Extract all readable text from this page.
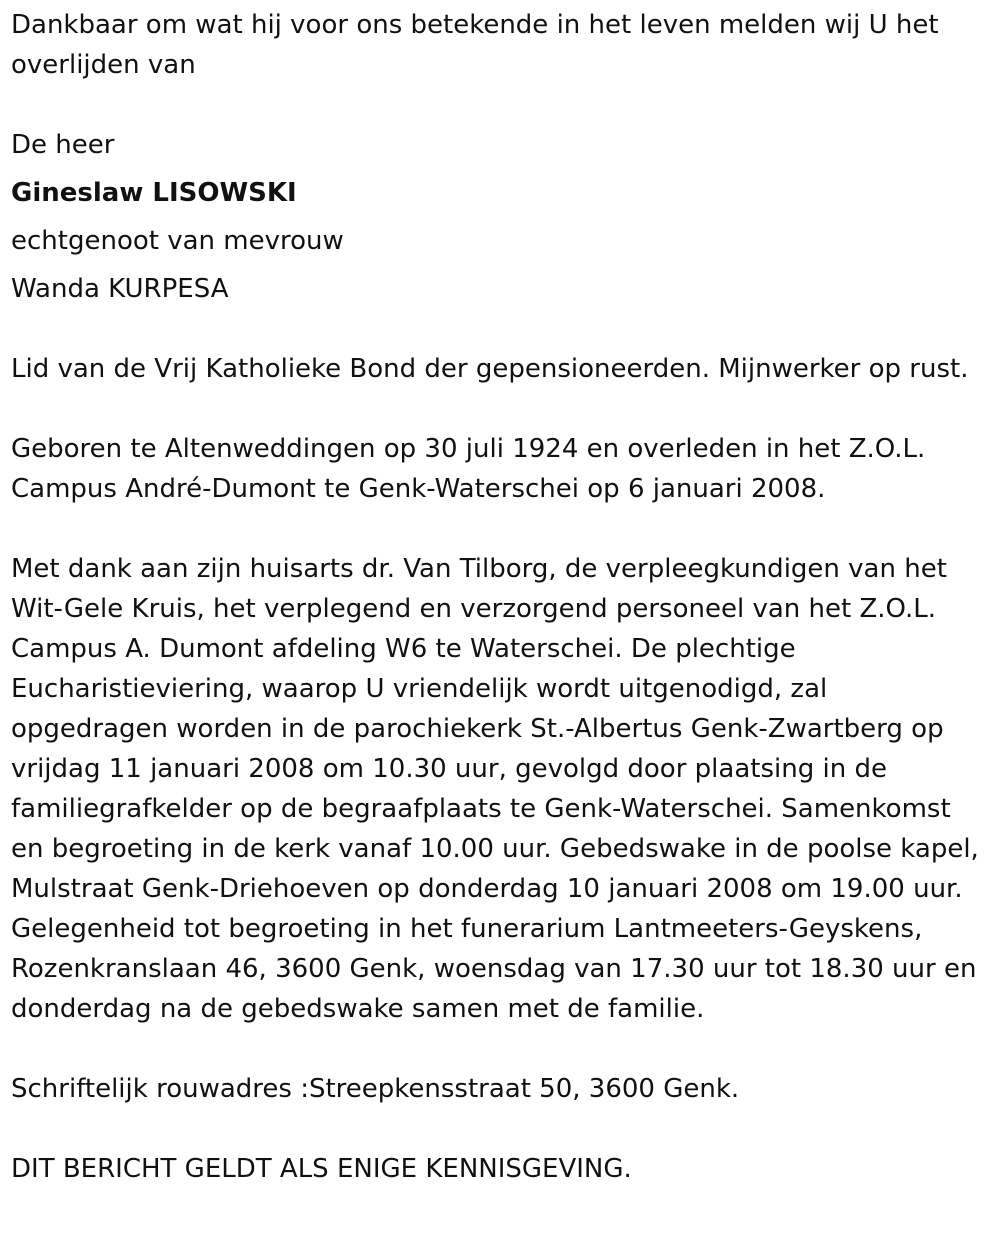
Dankbaar om wat hij voor ons betekende in het leven melden wij U het overlijden van

De heer

Gineslaw LISOWSKI

echtgenoot van mevrouw

Wanda KURPESA

Lid van de Vrij Katholieke Bond der gepensioneerden. Mijnwerker op rust.

Geboren te Altenweddingen op 30 juli 1924 en overleden in het Z.O.L. Campus André-Dumont te Genk-Waterschei op 6 januari 2008.

Met dank aan zijn huisarts dr. Van Tilborg, de verpleegkundigen van het Wit-Gele Kruis, het verplegend en verzorgend personeel van het Z.O.L. Campus A. Dumont afdeling W6 te Waterschei. De plechtige Eucharistieviering, waarop U vriendelijk wordt uitgenodigd, zal opgedragen worden in de parochiekerk St.-Albertus Genk-Zwartberg op vrijdag 11 januari 2008 om 10.30 uur, gevolgd door plaatsing in de familiegrafkelder op de begraafplaats te Genk-Waterschei. Samenkomst en begroeting in de kerk vanaf 10.00 uur. Gebedswake in de poolse kapel, Mulstraat Genk-Driehoeven op donderdag 10 januari 2008 om 19.00 uur. Gelegenheid tot begroeting in het funerarium Lantmeeters-Geyskens, Rozenkranslaan 46, 3600 Genk, woensdag van 17.30 uur tot 18.30 uur en donderdag na de gebedswake samen met de familie.

Schriftelijk rouwadres :Streepkensstraat 50, 3600 Genk.

DIT BERICHT GELDT ALS ENIGE KENNISGEVING.
